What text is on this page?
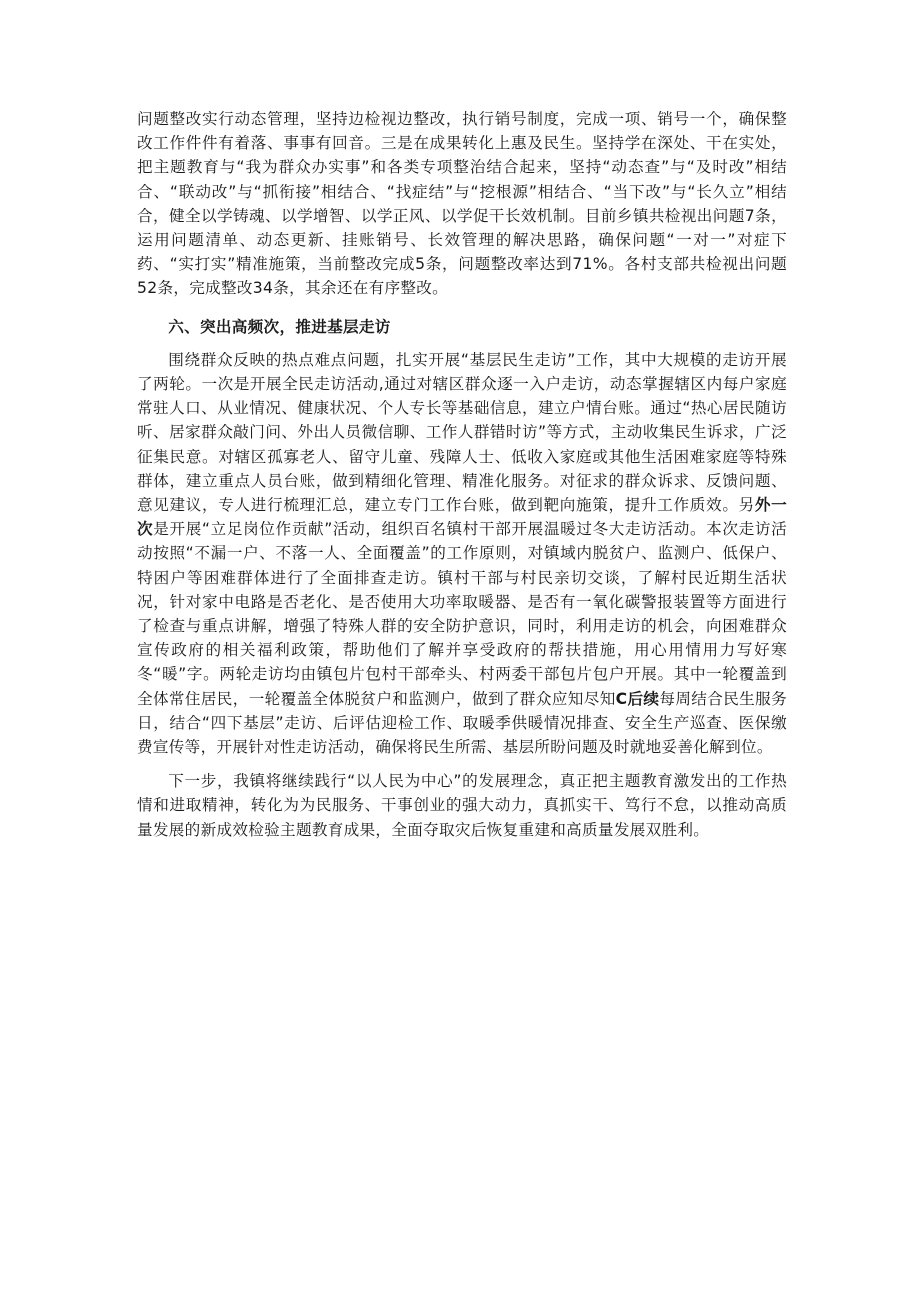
问题整改实行动态管理，坚持边检视边整改，执行销号制度，完成一项、销号一个，确保整改工作件件有着落、事事有回音。三是在成果转化上惠及民生。坚持学在深处、干在实处，把主题教育与“我为群众办实事”和各类专项整治结合起来，坚持“动态查”与“及时改”相结合、“联动改”与“抓衔接”相结合、“找症结”与“挖根源”相结合、“当下改”与“长久立”相结合，健全以学铸魂、以学增智、以学正风、以学促干长效机制。目前乡镇共检视出问题7条，运用问题清单、动态更新、挂账销号、长效管理的解决思路，确保问题“一对一”对症下药、“实打实”精准施策，当前整改完成5条，问题整改率达到71%。各村支部共检视出问题52条，完成整改34条，其余还在有序整改。

六、突出高频次，推进基层走访

围绕群众反映的热点难点问题，扎实开展“基层民生走访”工作，其中大规模的走访开展了两轮。一次是开展全民走访活动,通过对辖区群众逐一入户走访，动态掌握辖区内每户家庭常驻人口、从业情况、健康状况、个人专长等基础信息，建立户情台账。通过“热心居民随访听、居家群众敲门问、外出人员微信聊、工作人群错时访”等方式，主动收集民生诉求，广泛征集民意。对辖区孤寡老人、留守儿童、残障人士、低收入家庭或其他生活困难家庭等特殊群体，建立重点人员台账，做到精细化管理、精准化服务。对征求的群众诉求、反馈问题、意见建议，专人进行梳理汇总，建立专门工作台账，做到靶向施策，提升工作质效。另外一次是开展“立足岗位作贡献”活动，组织百名镇村干部开展温暖过冬大走访活动。本次走访活动按照“不漏一户、不落一人、全面覆盖”的工作原则，对镇域内脱贫户、监测户、低保户、特困户等困难群体进行了全面排查走访。镇村干部与村民亲切交谈，了解村民近期生活状况，针对家中电路是否老化、是否使用大功率取暖器、是否有一氧化碳警报装置等方面进行了检查与重点讲解，增强了特殊人群的安全防护意识，同时，利用走访的机会，向困难群众宣传政府的相关福利政策，帮助他们了解并享受政府的帮扶措施，用心用情用力写好寒冬“暖”字。两轮走访均由镇包片包村干部牵头、村两委干部包片包户开展。其中一轮覆盖到全体常住居民，一轮覆盖全体脱贫户和监测户，做到了群众应知尽知C后续每周结合民生服务日，结合“四下基层”走访、后评估迎检工作、取暖季供暖情况排查、安全生产巡查、医保缴费宣传等，开展针对性走访活动，确保将民生所需、基层所盼问题及时就地妥善化解到位。

下一步，我镇将继续践行“以人民为中心”的发展理念，真正把主题教育激发出的工作热情和进取精神，转化为为民服务、干事创业的强大动力，真抓实干、笃行不怠，以推动高质量发展的新成效检验主题教育成果，全面夺取灾后恢复重建和高质量发展双胜利。
